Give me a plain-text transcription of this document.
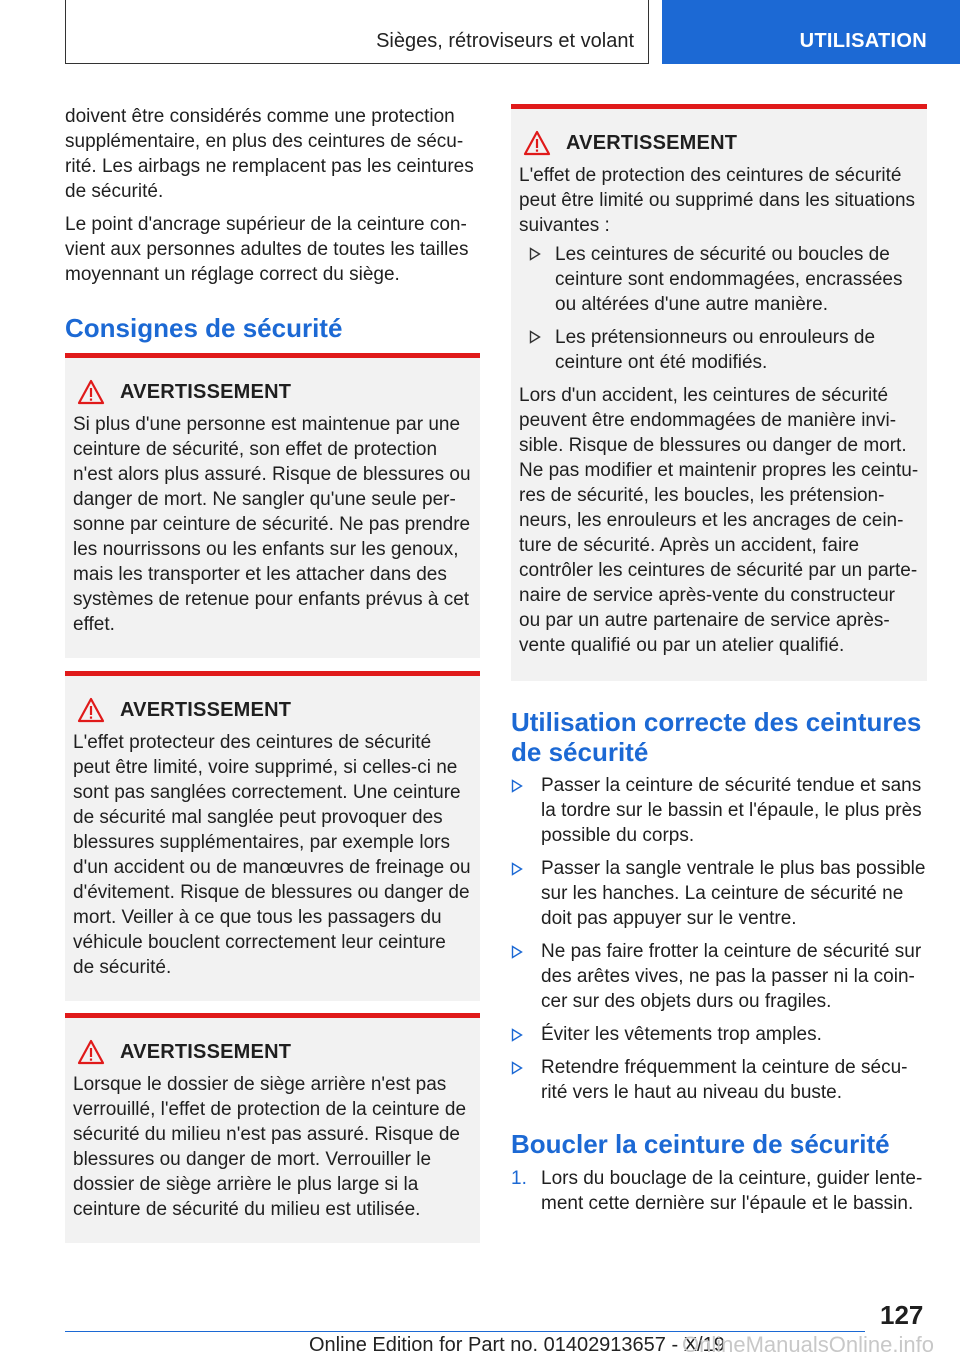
Sièges, rétroviseurs et volant	UTILISATION

doivent être considérés comme une protection supplémentaire, en plus des ceintures de sécurité. Les airbags ne remplacent pas les ceintures de sécurité.

Le point d'ancrage supérieur de la ceinture convient aux personnes adultes de toutes les tailles moyennant un réglage correct du siège.

Consignes de sécurité
AVERTISSEMENT

Si plus d'une personne est maintenue par une ceinture de sécurité, son effet de protection n'est alors plus assuré. Risque de blessures ou danger de mort. Ne sangler qu'une seule personne par ceinture de sécurité. Ne pas prendre les nourrissons ou les enfants sur les genoux, mais les transporter et les attacher dans des systèmes de retenue pour enfants prévus à cet effet.

AVERTISSEMENT

L'effet protecteur des ceintures de sécurité peut être limité, voire supprimé, si celles-ci ne sont pas sanglées correctement. Une ceinture de sécurité mal sanglée peut provoquer des blessures supplémentaires, par exemple lors d'un accident ou de manœuvres de freinage ou d'évitement. Risque de blessures ou danger de mort. Veiller à ce que tous les passagers du véhicule bouclent correctement leur ceinture de sécurité.

AVERTISSEMENT

Lorsque le dossier de siège arrière n'est pas verrouillé, l'effet de protection de la ceinture de sécurité du milieu n'est pas assuré. Risque de blessures ou danger de mort. Verrouiller le dossier de siège arrière le plus large si la ceinture de sécurité du milieu est utilisée.

AVERTISSEMENT

L'effet de protection des ceintures de sécurité peut être limité ou supprimé dans les situations suivantes :

Les ceintures de sécurité ou boucles de ceinture sont endommagées, encrassées ou altérées d'une autre manière.
Les prétensionneurs ou enrouleurs de ceinture ont été modifiés.

Lors d'un accident, les ceintures de sécurité peuvent être endommagées de manière invisible. Risque de blessures ou danger de mort. Ne pas modifier et maintenir propres les ceintures de sécurité, les boucles, les prétensionneurs, les enrouleurs et les ancrages de ceinture de sécurité. Après un accident, faire contrôler les ceintures de sécurité par un partenaire de service après-vente du constructeur ou par un autre partenaire de service après-vente qualifié ou par un atelier qualifié.

Utilisation correcte des ceintures de sécurité
Passer la ceinture de sécurité tendue et sans la tordre sur le bassin et l'épaule, le plus près possible du corps.
Passer la sangle ventrale le plus bas possible sur les hanches. La ceinture de sécurité ne doit pas appuyer sur le ventre.
Ne pas faire frotter la ceinture de sécurité sur des arêtes vives, ne pas la passer ni la coincer sur des objets durs ou fragiles.
Éviter les vêtements trop amples.
Retendre fréquemment la ceinture de sécurité vers le haut au niveau du buste.
Boucler la ceinture de sécurité
1. Lors du bouclage de la ceinture, guider lentement cette dernière sur l'épaule et le bassin.
127
Online Edition for Part no. 01402913657 - X/19
OnlineManualsOnline.info
